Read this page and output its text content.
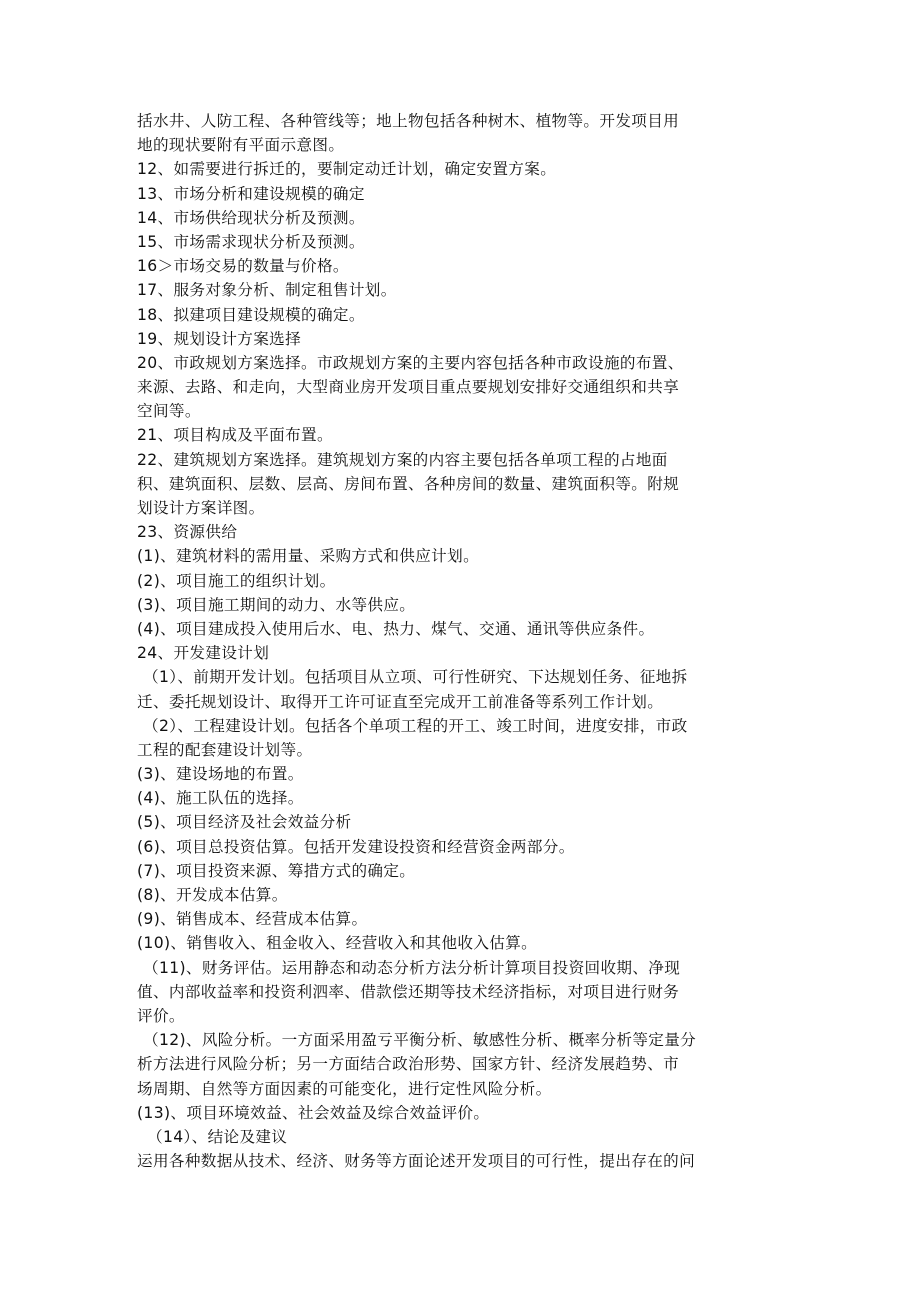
括水井、人防工程、各种管线等；地上物包括各种树木、植物等。开发项目用
地的现状要附有平面示意图。
12、如需要进行拆迁的，要制定动迁计划，确定安置方案。
13、市场分析和建设规模的确定
14、市场供给现状分析及预测。
15、市场需求现状分析及预测。
16＞市场交易的数量与价格。
17、服务对象分析、制定租售计划。
18、拟建项目建设规模的确定。
19、规划设计方案选择
20、市政规划方案选择。市政规划方案的主要内容包括各种市政设施的布置、
来源、去路、和走向，大型商业房开发项目重点要规划安排好交通组织和共享
空间等。
21、项目构成及平面布置。
22、建筑规划方案选择。建筑规划方案的内容主要包括各单项工程的占地面
积、建筑面积、层数、层高、房间布置、各种房间的数量、建筑面积等。附规
划设计方案详图。
23、资源供给
(1)、建筑材料的需用量、采购方式和供应计划。
(2)、项目施工的组织计划。
(3)、项目施工期间的动力、水等供应。
(4)、项目建成投入使用后水、电、热力、煤气、交通、通讯等供应条件。
24、开发建设计划
（1）、前期开发计划。包括项目从立项、可行性研究、下达规划任务、征地拆
迁、委托规划设计、取得开工许可证直至完成开工前准备等系列工作计划。
（2）、工程建设计划。包括各个单项工程的开工、竣工时间，进度安排，市政
工程的配套建设计划等。
(3)、建设场地的布置。
(4)、施工队伍的选择。
(5)、项目经济及社会效益分析
(6)、项目总投资估算。包括开发建设投资和经营资金两部分。
(7)、项目投资来源、筹措方式的确定。
(8)、开发成本估算。
(9)、销售成本、经营成本估算。
(10)、销售收入、租金收入、经营收入和其他收入估算。
（11)、财务评估。运用静态和动态分析方法分析计算项目投资回收期、净现
值、内部收益率和投资利泗率、借款偿还期等技术经济指标，对项目进行财务
评价。
（12)、风险分析。一方面采用盈亏平衡分析、敏感性分析、概率分析等定量分
析方法进行风险分析；另一方面结合政治形势、国家方针、经济发展趋势、市
场周期、自然等方面因素的可能变化，进行定性风险分析。
(13)、项目环境效益、社会效益及综合效益评价。
（14）、结论及建议
运用各种数据从技术、经济、财务等方面论述开发项目的可行性，提出存在的问
